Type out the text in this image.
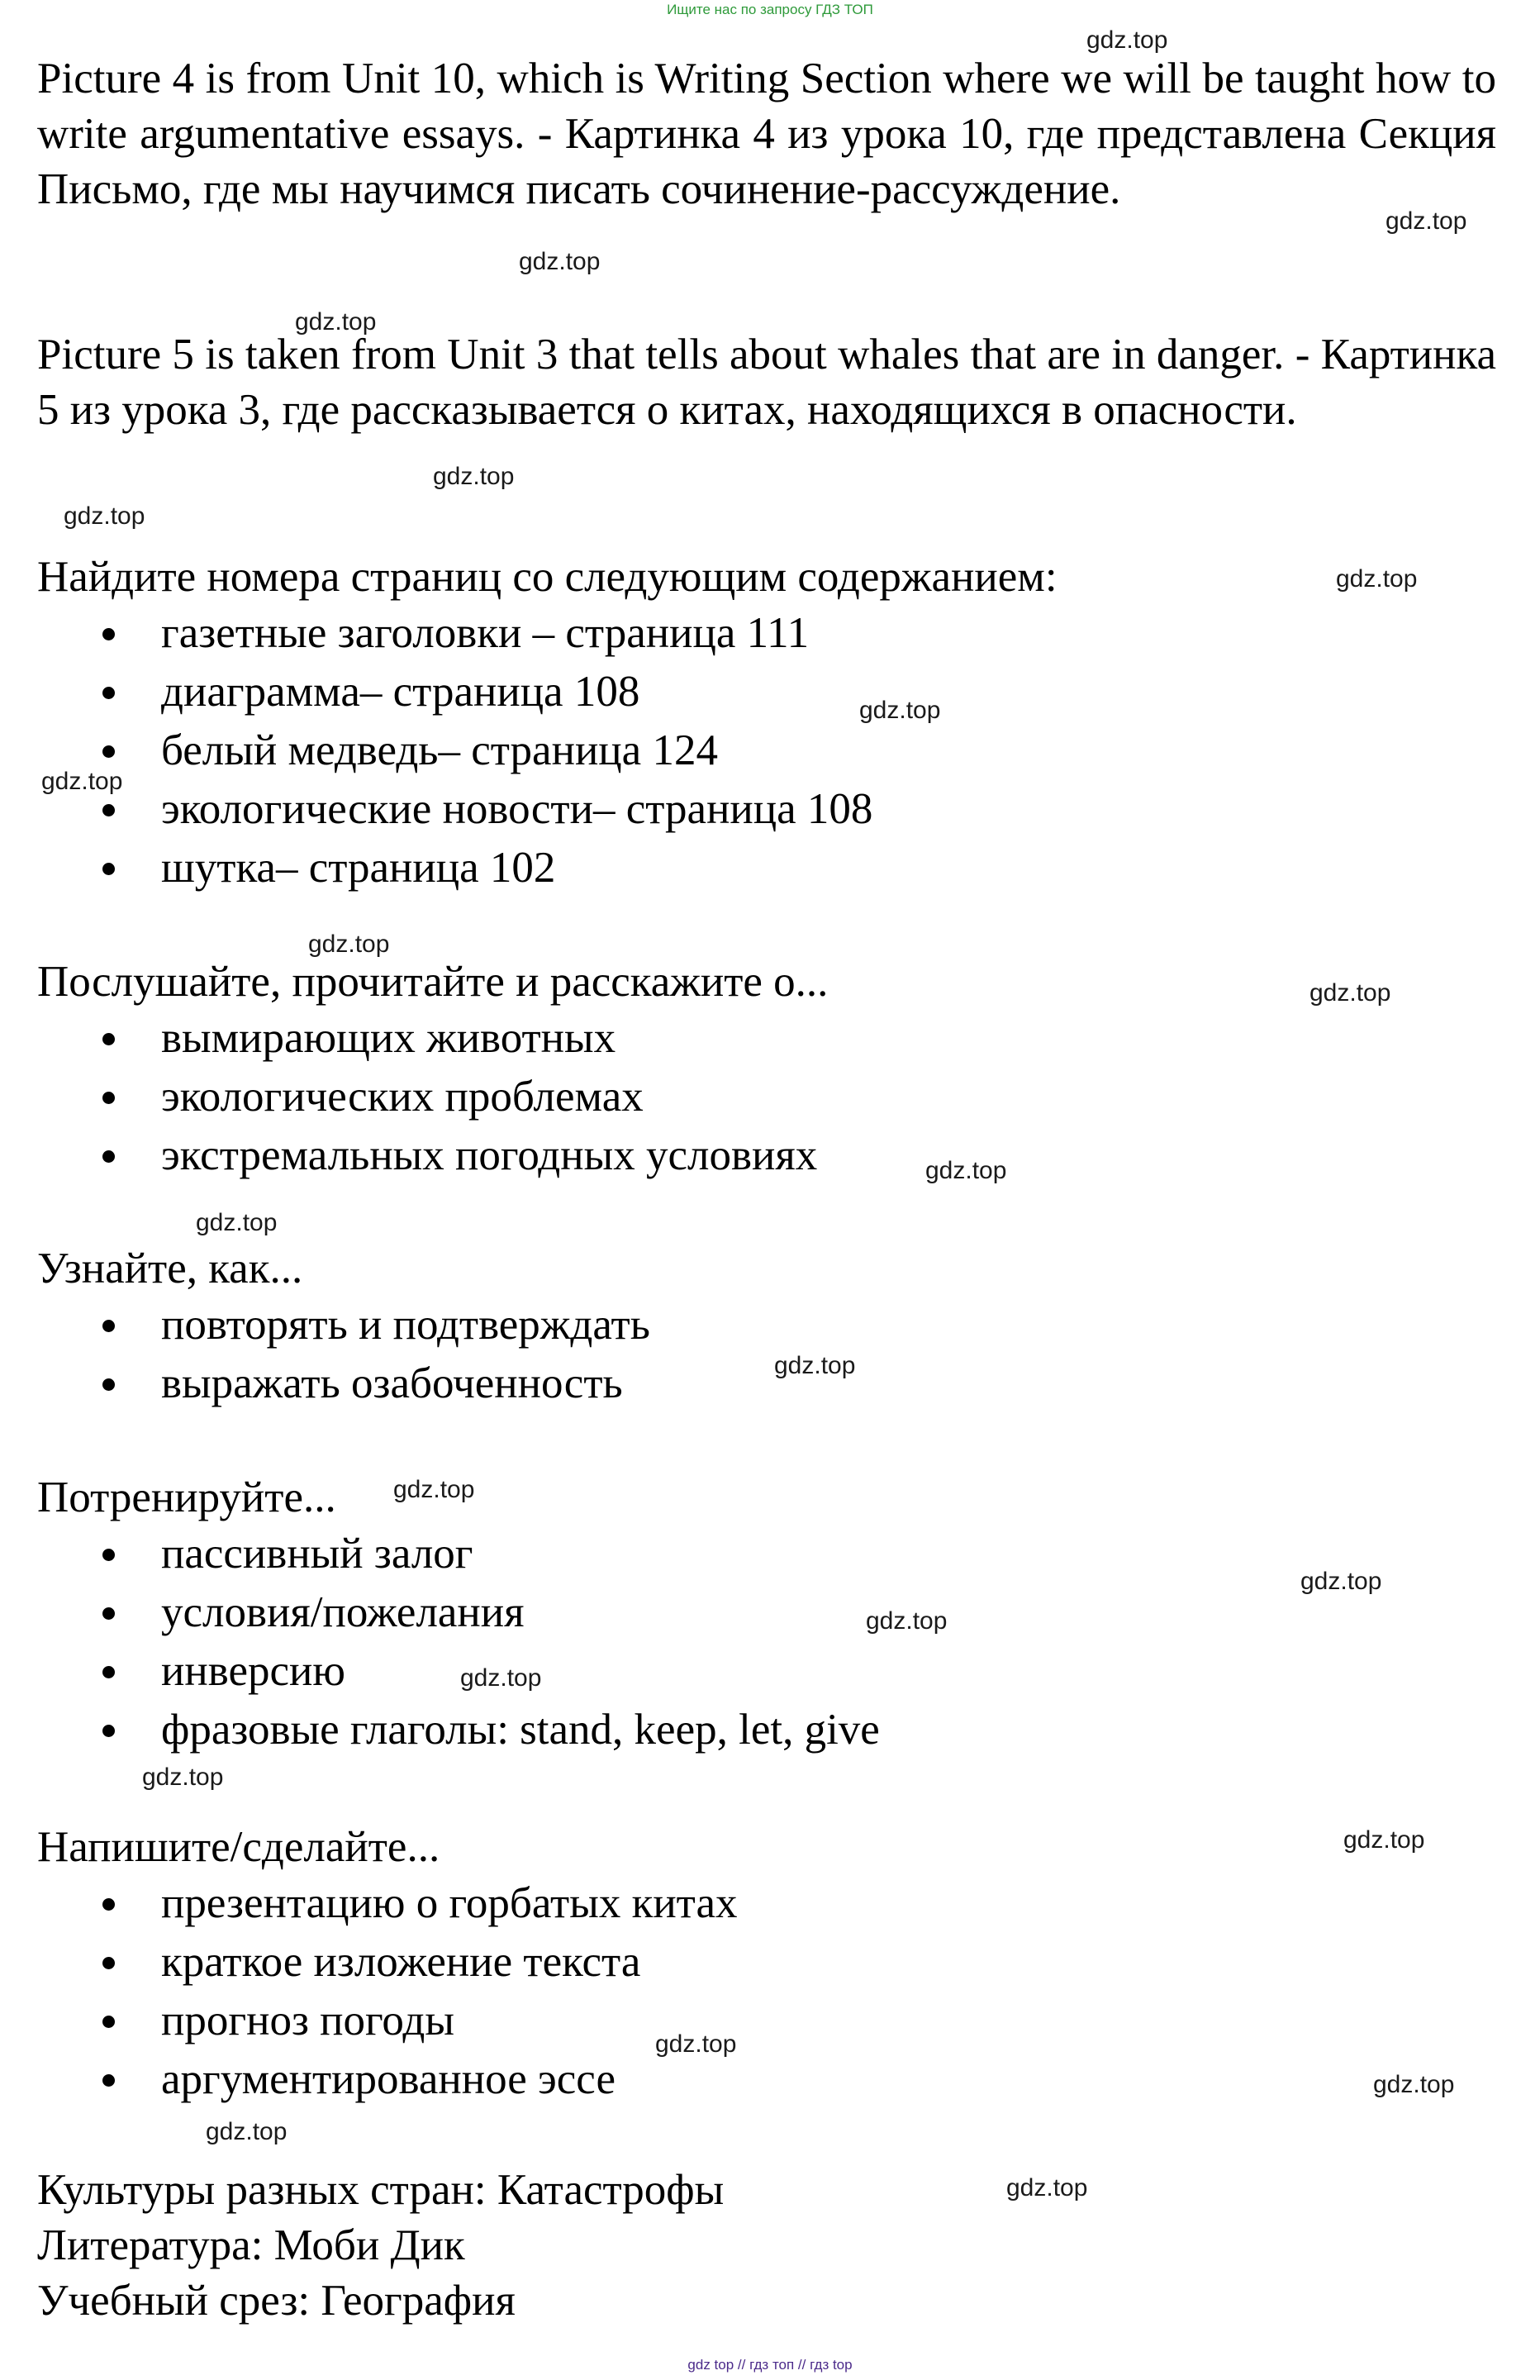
Ищите нас по запросу ГДЗ ТОП

Picture 4 is from Unit 10, which is Writing Section where we will be taught how to write argumentative essays. - Картинка 4 из урока 10, где представлена Секция Письмо, где мы научимся писать сочинение-рассуждение.

Picture 5 is taken from Unit 3 that tells about whales that are in danger. - Картинка 5 из урока 3, где рассказывается о китах, находящихся в опасности.

Найдите номера страниц со следующим содержанием:
газетные заголовки – страница 111
диаграмма– страница 108
белый медведь– страница 124
экологические новости– страница 108
шутка– страница 102
Послушайте, прочитайте и расскажите о...
вымирающих животных
экологических проблемах
экстремальных погодных условиях
Узнайте, как...
повторять и подтверждать
выражать озабоченность
Потренируйте...
пассивный залог
условия/пожелания
инверсию
фразовые глаголы: stand, keep, let, give
Напишите/сделайте...
презентацию о горбатых китах
краткое изложение текста
прогноз погоды
аргументированное эссе
Культуры разных стран: Катастрофы
Литература: Моби Дик
Учебный срез: География
gdz.top
gdz.top
gdz.top
gdz.top
gdz.top
gdz.top
gdz.top
gdz.top
gdz.top
gdz.top
gdz.top
gdz.top
gdz.top
gdz.top
gdz.top
gdz.top
gdz.top
gdz.top
gdz.top
gdz.top
gdz.top
gdz.top
gdz.top
gdz.top
gdz top // гдз топ // гдз top
